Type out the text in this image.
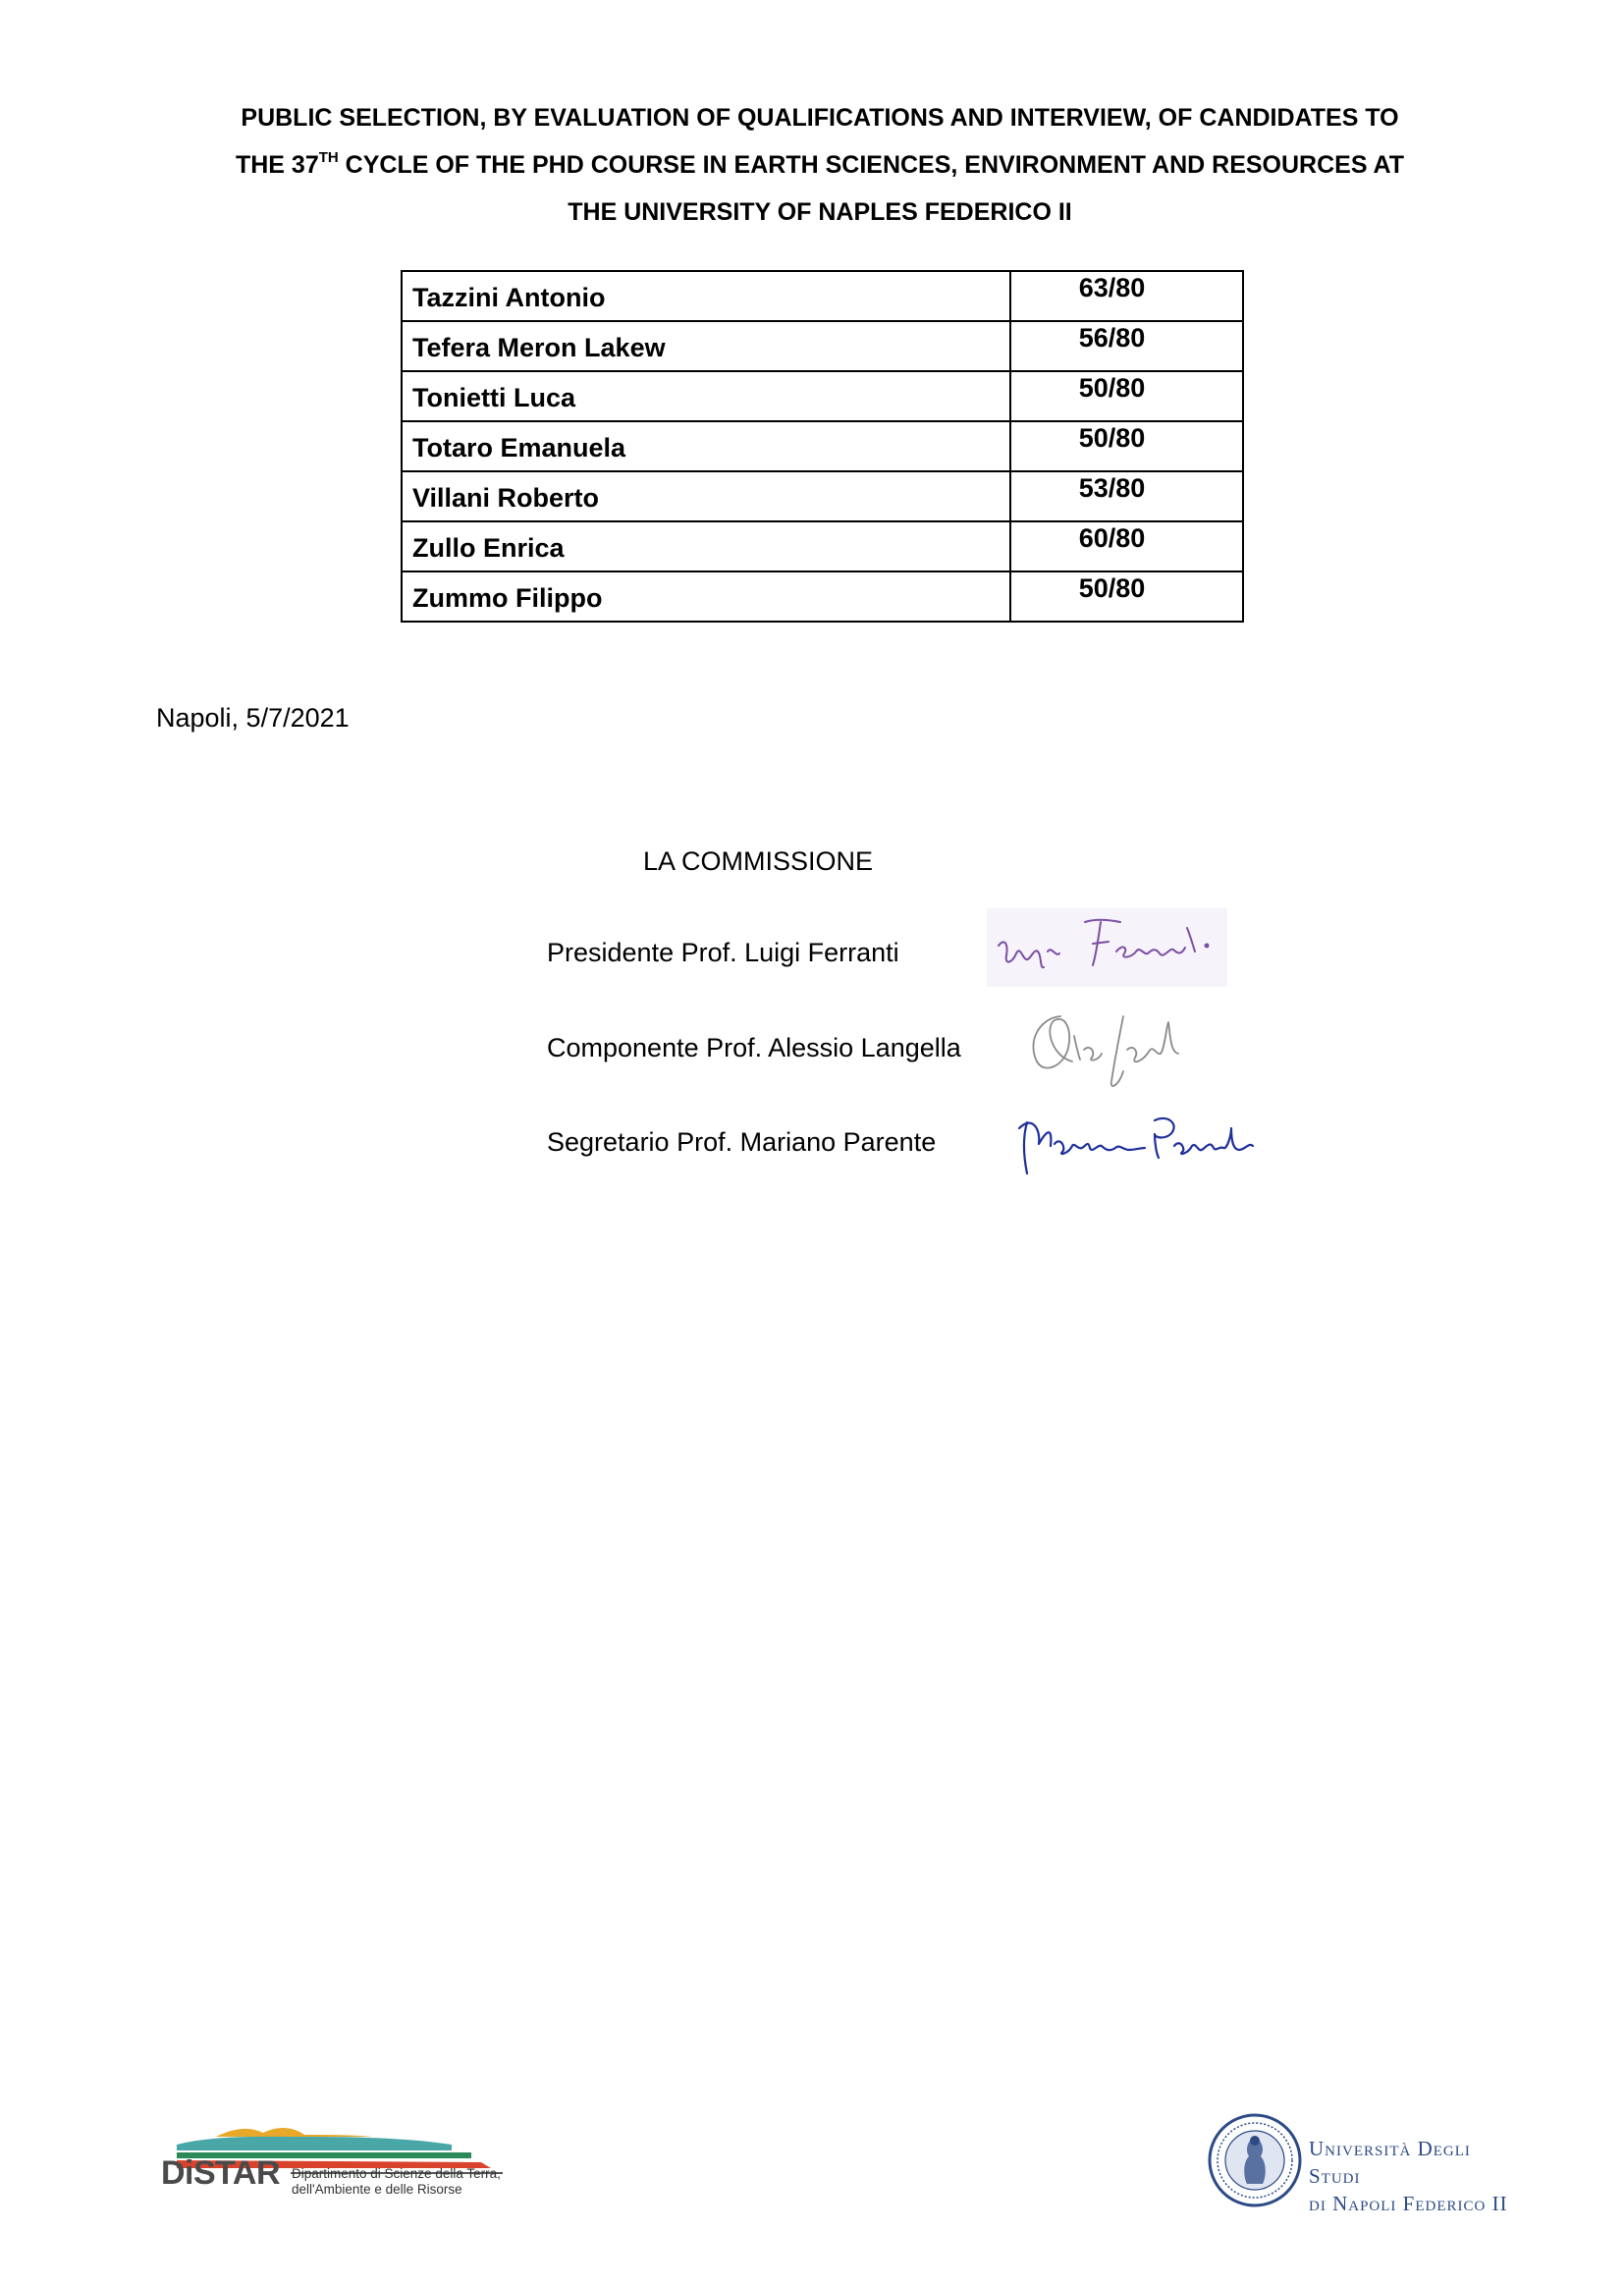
PUBLIC SELECTION, BY EVALUATION OF QUALIFICATIONS AND INTERVIEW, OF CANDIDATES TO
THE 37TH CYCLE OF THE PHD COURSE IN EARTH SCIENCES, ENVIRONMENT AND RESOURCES AT
THE UNIVERSITY OF NAPLES FEDERICO II
Tazzini Antonio	63/80
Tefera Meron Lakew	56/80
Tonietti Luca	50/80
Totaro Emanuela	50/80
Villani Roberto	53/80
Zullo Enrica	60/80
Zummo Filippo	50/80
Napoli, 5/7/2021
LA COMMISSIONE
Presidente Prof. Luigi Ferranti
Componente Prof. Alessio Langella
Segretario Prof. Mariano Parente
DiSTAR Dipartimento di Scienze della Terra,
dell'Ambiente e delle Risorse
Università Degli Studi
di Napoli Federico II
